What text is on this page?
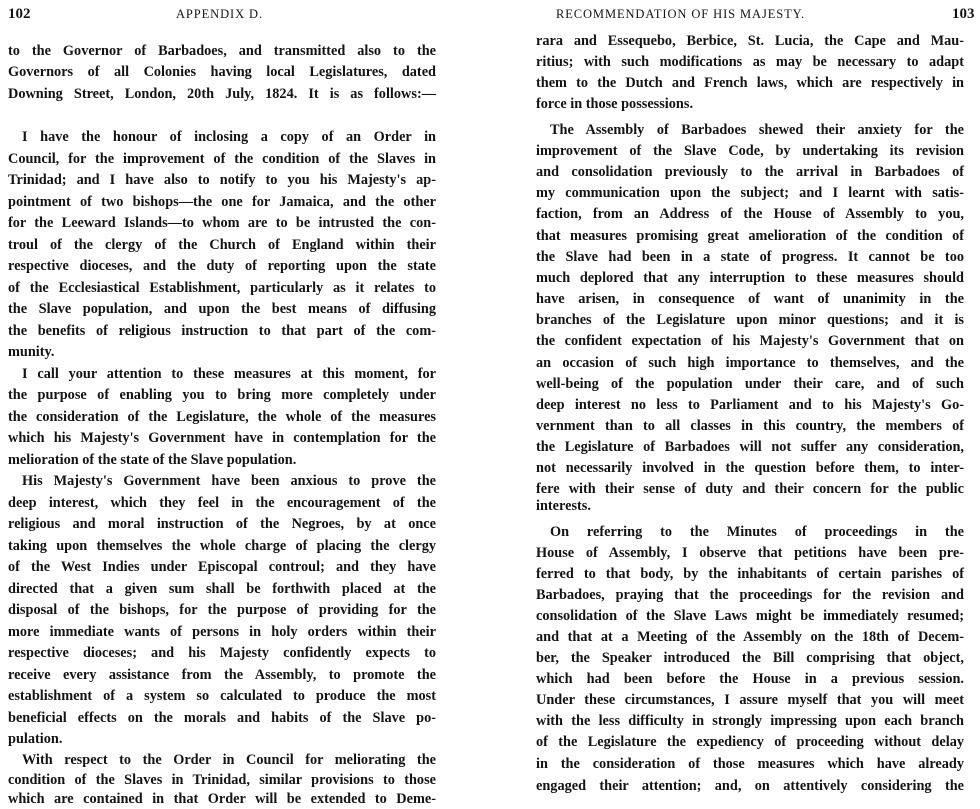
102	APPENDIX D.
to the Governor of Barbadoes, and transmitted also to the
Governors of all Colonies having local Legislatures, dated
Downing Street, London, 20th July, 1824. It is as follows:—
I have the honour of inclosing a copy of an Order in
Council, for the improvement of the condition of the Slaves in
Trinidad; and I have also to notify to you his Majesty's ap-
pointment of two bishops—the one for Jamaica, and the other
for the Leeward Islands—to whom are to be intrusted the con-
troul of the clergy of the Church of England within their
respective dioceses, and the duty of reporting upon the state
of the Ecclesiastical Establishment, particularly as it relates to
the Slave population, and upon the best means of diffusing
the benefits of religious instruction to that part of the com-
munity.
I call your attention to these measures at this moment, for
the purpose of enabling you to bring more completely under
the consideration of the Legislature, the whole of the measures
which his Majesty's Government have in contemplation for the
melioration of the state of the Slave population.
His Majesty's Government have been anxious to prove the
deep interest, which they feel in the encouragement of the
religious and moral instruction of the Negroes, by at once
taking upon themselves the whole charge of placing the clergy
of the West Indies under Episcopal controul; and they have
directed that a given sum shall be forthwith placed at the
disposal of the bishops, for the purpose of providing for the
more immediate wants of persons in holy orders within their
respective dioceses; and his Majesty confidently expects to
receive every assistance from the Assembly, to promote the
establishment of a system so calculated to produce the most
beneficial effects on the morals and habits of the Slave po-
pulation.
With respect to the Order in Council for meliorating the
condition of the Slaves in Trinidad, similar provisions to those
which are contained in that Order will be extended to Deme-
RECOMMENDATION OF HIS MAJESTY.	103
rara and Essequebo, Berbice, St. Lucia, the Cape and Mau-
ritius; with such modifications as may be necessary to adapt
them to the Dutch and French laws, which are respectively in
force in those possessions.
The Assembly of Barbadoes shewed their anxiety for the
improvement of the Slave Code, by undertaking its revision
and consolidation previously to the arrival in Barbadoes of
my communication upon the subject; and I learnt with satis-
faction, from an Address of the House of Assembly to you,
that measures promising great amelioration of the condition of
the Slave had been in a state of progress. It cannot be too
much deplored that any interruption to these measures should
have arisen, in consequence of want of unanimity in the
branches of the Legislature upon minor questions; and it is
the confident expectation of his Majesty's Government that on
an occasion of such high importance to themselves, and the
well-being of the population under their care, and of such
deep interest no less to Parliament and to his Majesty's Go-
vernment than to all classes in this country, the members of
the Legislature of Barbadoes will not suffer any consideration,
not necessarily involved in the question before them, to inter-
fere with their sense of duty and their concern for the public
interests.
On referring to the Minutes of proceedings in the
House of Assembly, I observe that petitions have been pre-
ferred to that body, by the inhabitants of certain parishes of
Barbadoes, praying that the proceedings for the revision and
consolidation of the Slave Laws might be immediately resumed;
and that at a Meeting of the Assembly on the 18th of Decem-
ber, the Speaker introduced the Bill comprising that object,
which had been before the House in a previous session.
Under these circumstances, I assure myself that you will meet
with the less difficulty in strongly impressing upon each branch
of the Legislature the expediency of proceeding without delay
in the consideration of those measures which have already
engaged their attention; and, on attentively considering the
